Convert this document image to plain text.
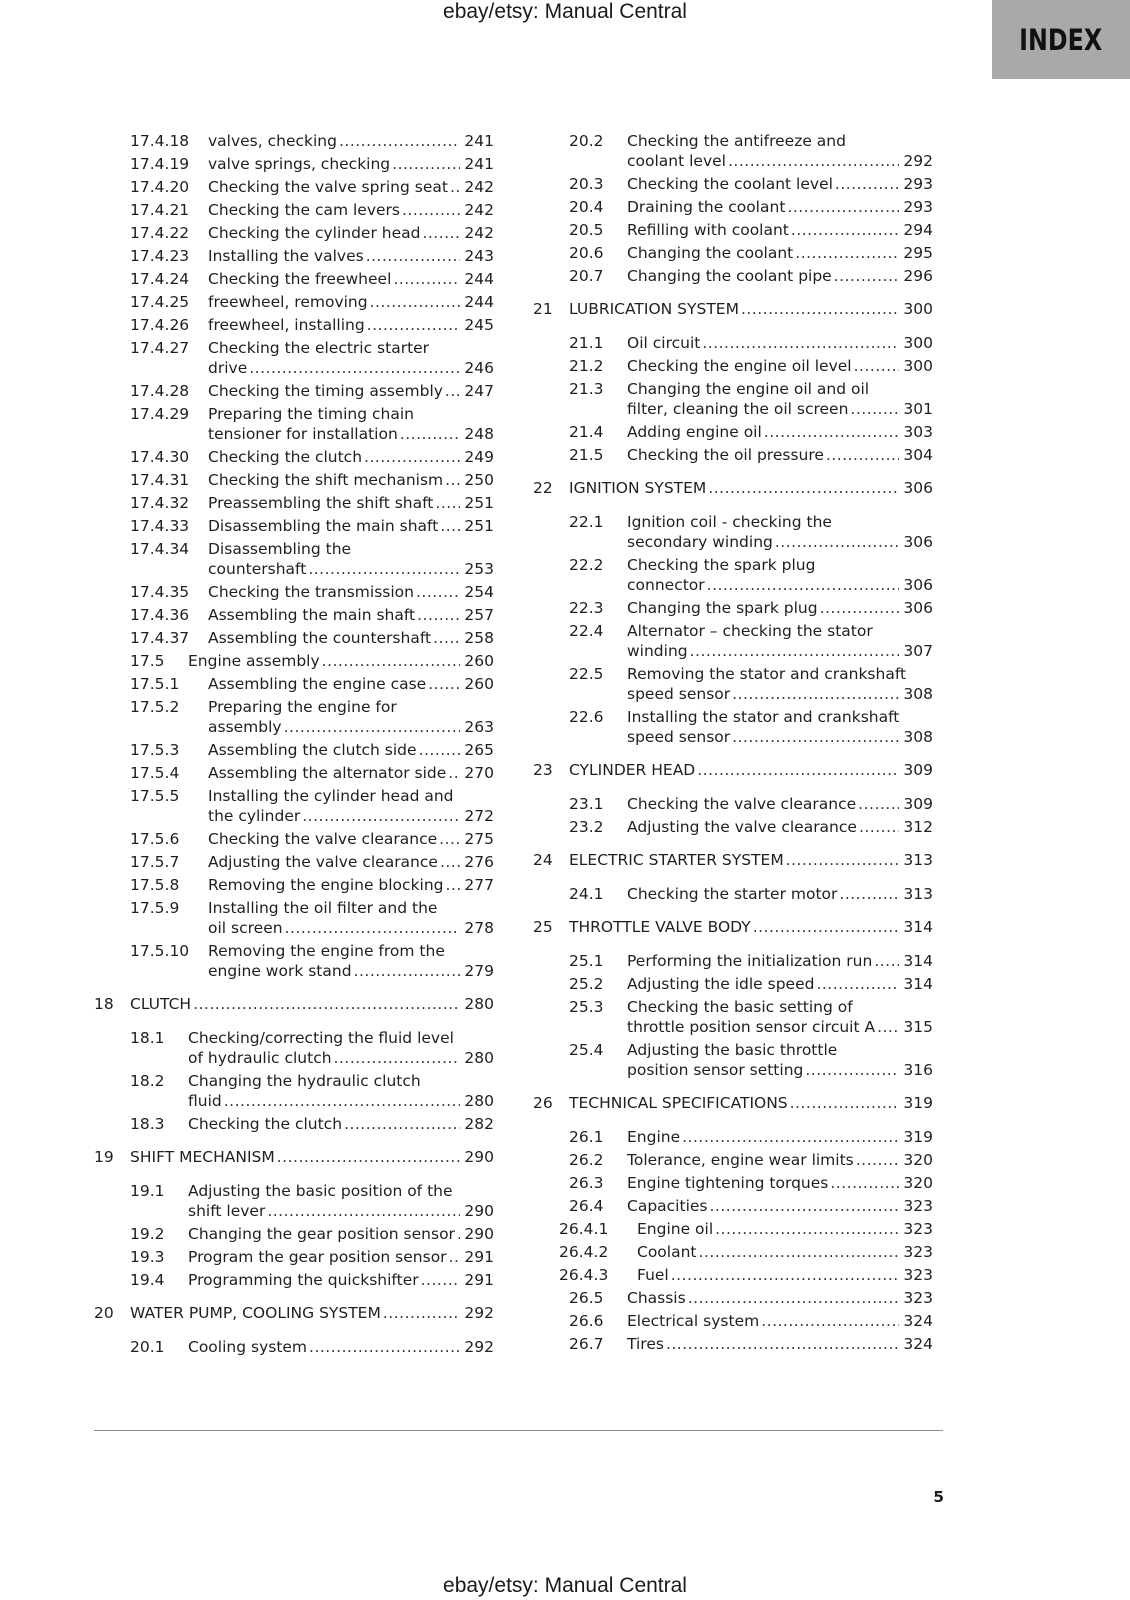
ebay/etsy: Manual Central
INDEX
17.4.18 valves, checking .....	241
17.4.19 valve springs, checking .....	241
17.4.20 Checking the valve spring seat ..... 242
17.4.21 Checking the cam levers .....	242
17.4.22 Checking the cylinder head .....	242
17.4.23 Installing the valves .....	243
17.4.24 Checking the freewheel .....	244
17.4.25 freewheel, removing .....	244
17.4.26 freewheel, installing .....	245
17.4.27 Checking the electric starter
drive .....	246
17.4.28 Checking the timing assembly ..... 247
17.4.29 Preparing the timing chain
tensioner for installation .....	248
17.4.30 Checking the clutch .....	249
17.4.31 Checking the shift mechanism ..... 250
17.4.32 Preassembling the shift shaft ..... 251
17.4.33 Disassembling the main shaft ..... 251
17.4.34 Disassembling the
countershaft .....	253
17.4.35 Checking the transmission .....	254
17.4.36 Assembling the main shaft .....	257
17.4.37 Assembling the countershaft ..... 258
17.5 Engine assembly .....	260
17.5.1 Assembling the engine case ..... 260
17.5.2 Preparing the engine for
assembly .....	263
17.5.3 Assembling the clutch side .....	265
17.5.4 Assembling the alternator side ..... 270
17.5.5 Installing the cylinder head and
the cylinder .....	272
17.5.6 Checking the valve clearance ..... 275
17.5.7 Adjusting the valve clearance ..... 276
17.5.8 Removing the engine blocking ..... 277
17.5.9 Installing the oil filter and the
oil screen .....	278
17.5.10 Removing the engine from the
engine work stand .....	279
18 CLUTCH .....	280
18.1 Checking/correcting the fluid level
of hydraulic clutch .....	280
18.2 Changing the hydraulic clutch
fluid .....	280
18.3 Checking the clutch .....	282
19 SHIFT MECHANISM .....	290
19.1 Adjusting the basic position of the
shift lever .....	290
19.2 Changing the gear position sensor ..... 290
19.3 Program the gear position sensor ..... 291
19.4 Programming the quickshifter .....	291
20 WATER PUMP, COOLING SYSTEM .....	292
20.1 Cooling system .....	292
20.2 Checking the antifreeze and
coolant level .....	292
20.3 Checking the coolant level .....	293
20.4 Draining the coolant .....	293
20.5 Refilling with coolant .....	294
20.6 Changing the coolant .....	295
20.7 Changing the coolant pipe .....	296
21 LUBRICATION SYSTEM .....	300
21.1 Oil circuit .....	300
21.2 Checking the engine oil level .....	300
21.3 Changing the engine oil and oil
filter, cleaning the oil screen .....	301
21.4 Adding engine oil .....	303
21.5 Checking the oil pressure .....	304
22 IGNITION SYSTEM .....	306
22.1 Ignition coil - checking the
secondary winding .....	306
22.2 Checking the spark plug
connector .....	306
22.3 Changing the spark plug .....	306
22.4 Alternator – checking the stator
winding .....	307
22.5 Removing the stator and crankshaft
speed sensor .....	308
22.6 Installing the stator and crankshaft
speed sensor .....	308
23 CYLINDER HEAD .....	309
23.1 Checking the valve clearance .....	309
23.2 Adjusting the valve clearance .....	312
24 ELECTRIC STARTER SYSTEM .....	313
24.1 Checking the starter motor .....	313
25 THROTTLE VALVE BODY .....	314
25.1 Performing the initialization run ..... 314
25.2 Adjusting the idle speed .....	314
25.3 Checking the basic setting of
throttle position sensor circuit A ..... 315
25.4 Adjusting the basic throttle
position sensor setting .....	316
26 TECHNICAL SPECIFICATIONS .....	319
26.1 Engine .....	319
26.2 Tolerance, engine wear limits .....	320
26.3 Engine tightening torques .....	320
26.4 Capacities .....	323
26.4.1 Engine oil .....	323
26.4.2 Coolant .....	323
26.4.3 Fuel .....	323
26.5 Chassis .....	323
26.6 Electrical system .....	324
26.7 Tires .....	324
5
ebay/etsy: Manual Central
